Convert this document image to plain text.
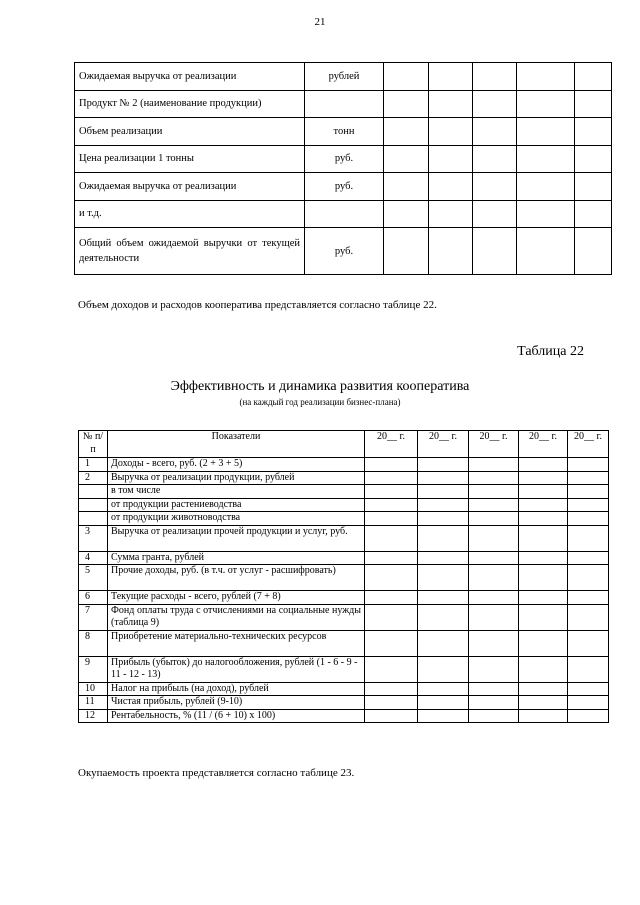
21
Ожидаемая выручка от реализации	рублей					
Продукт № 2 (наименование продукции)						
Объем реализации	тонн					
Цена реализации 1 тонны	руб.					
Ожидаемая выручка от реализации	руб.					
и т.д.						
Общий объем ожидаемой выручки от текущей деятельности	руб.					
Объем доходов и расходов кооператива представляется согласно таблице 22.
Таблица 22
Эффективность и динамика развития кооператива
(на каждый год реализации бизнес-плана)
№ п/п	Показатели	20__ г.	20__ г.	20__ г.	20__ г.	20__ г.
1	Доходы - всего, руб. (2 + 3 + 5)					
2	Выручка от реализации продукции, рублей					
	в том числе					
	от продукции растениеводства					
	от продукции животноводства					
3	Выручка от реализации прочей продукции и услуг, руб.					
4	Сумма гранта, рублей					
5	Прочие доходы, руб. (в т.ч. от услуг - расшифровать)					
6	Текущие расходы - всего, рублей (7 + 8)					
7	Фонд оплаты труда с отчислениями на социальные нужды (таблица 9)					
8	Приобретение материально-технических ресурсов					
9	Прибыль (убыток) до налогообложения, рублей (1 - 6 - 9 - 11 - 12 - 13)					
10	Налог на прибыль (на доход), рублей					
11	Чистая прибыль, рублей (9-10)					
12	Рентабельность, % (11 / (6 + 10) х 100)					
Окупаемость проекта представляется согласно таблице 23.
